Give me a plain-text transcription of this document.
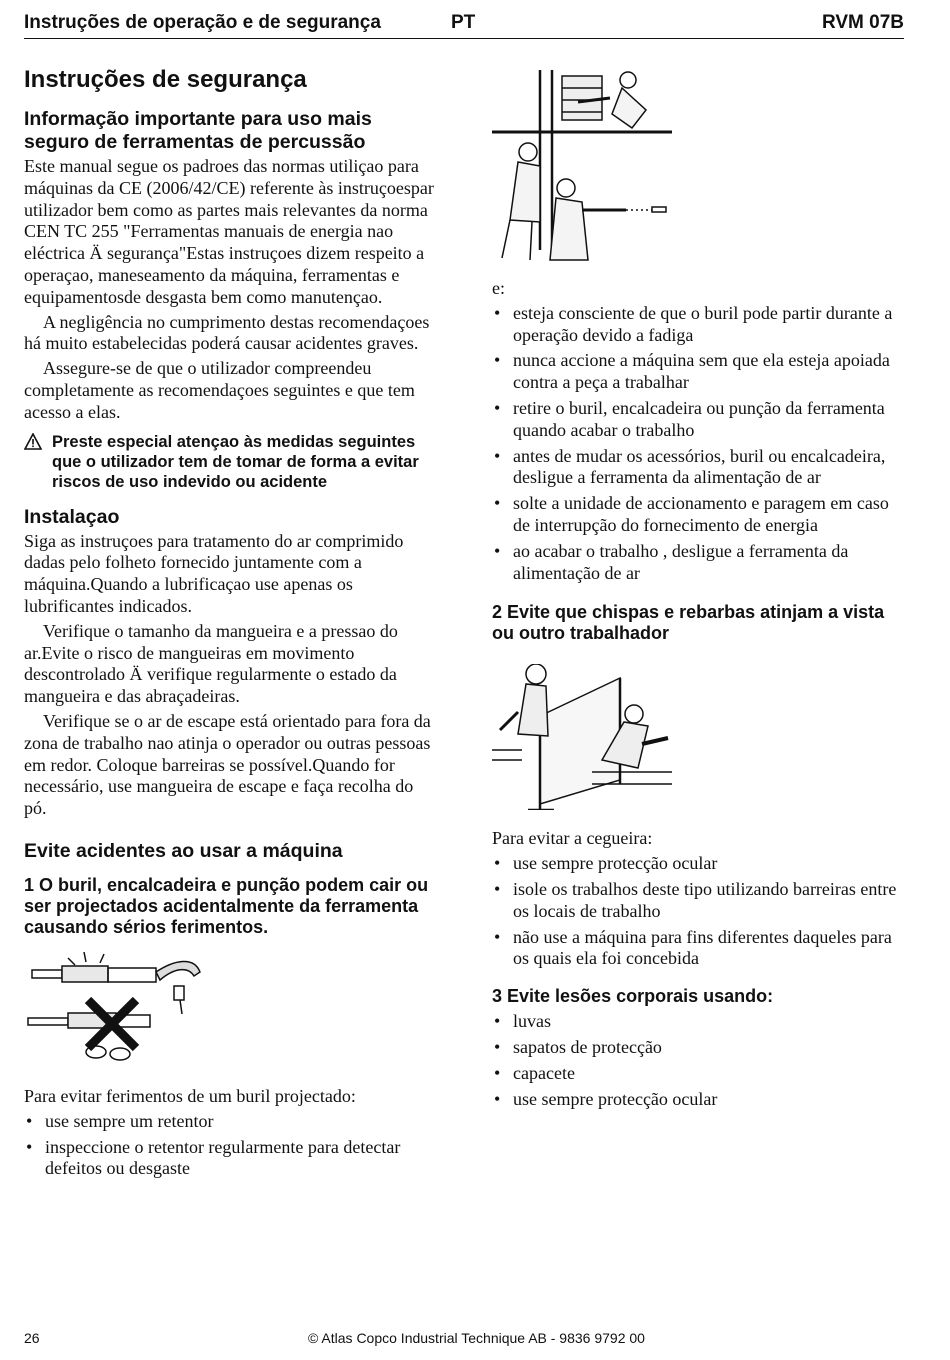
Instruções de operação e de segurança	PT	RVM 07B
Instruções de segurança
Informação importante para uso mais seguro de ferramentas de percussão

Este manual segue os padroes das normas utiliçao para máquinas da CE (2006/42/CE) referente às instruçoespar utilizador bem como as partes mais relevantes da norma CEN TC 255 "Ferramentas manuais de energia nao eléctrica Ä segurança"Estas instruçoes dizem respeito a operaçao, maneseamento da máquina, ferramentas e equipamentosde desgasta bem como manutençao.

A negligência no cumprimento destas recomendaçoes há muito estabelecidas poderá causar acidentes graves.

Assegure-se de que o utilizador compreendeu completamente as recomendaçoes seguintes e que tem acesso a elas.

Preste especial atençao às medidas seguintes que o utilizador tem de tomar de forma a evitar riscos de uso indevido ou acidente
Instalaçao

Siga as instruçoes para tratamento do ar comprimido dadas pelo folheto fornecido juntamente com a máquina.Quando a lubrificaçao use apenas os lubrificantes indicados.

Verifique o tamanho da mangueira e a pressao do ar.Evite o risco de mangueiras em movimento descontrolado Ä verifique regularmente o estado da mangueira e das abraçadeiras.

Verifique se o ar de escape está orientado para fora da zona de trabalho nao atinja o operador ou outras pessoas em redor. Coloque barreiras se possível.Quando for necessário, use mangueira de escape e faça recolha do pó.

Evite acidentes ao usar a máquina
1 O buril, encalcadeira e punção podem cair ou ser projectados acidentalmente da ferramenta causando sérios ferimentos.

Para evitar ferimentos de um buril projectado:

• use sempre um retentor
• inspeccione o retentor regularmente para detectar defeitos ou desgaste

e:

• esteja consciente de que o buril pode partir durante a operação devido a fadiga
• nunca accione a máquina sem que ela esteja apoiada contra a peça a trabalhar
• retire o buril, encalcadeira ou punção da ferramenta quando acabar o trabalho
• antes de mudar os acessórios, buril ou encalcadeira, desligue a ferramenta da alimentação de ar
• solte a unidade de accionamento e paragem em caso de interrupção do fornecimento de energia
• ao acabar o trabalho , desligue a ferramenta da alimentação de ar
2 Evite que chispas e rebarbas atinjam a vista ou outro trabalhador

Para evitar a cegueira:

• use sempre protecção ocular
• isole os trabalhos deste tipo utilizando barreiras entre os locais de trabalho
• não use a máquina para fins diferentes daqueles para os quais ela foi concebida
3 Evite lesões corporais usando:
• luvas
• sapatos de protecção
• capacete
• use sempre protecção ocular
26	© Atlas Copco Industrial Technique AB - 9836 9792 00
